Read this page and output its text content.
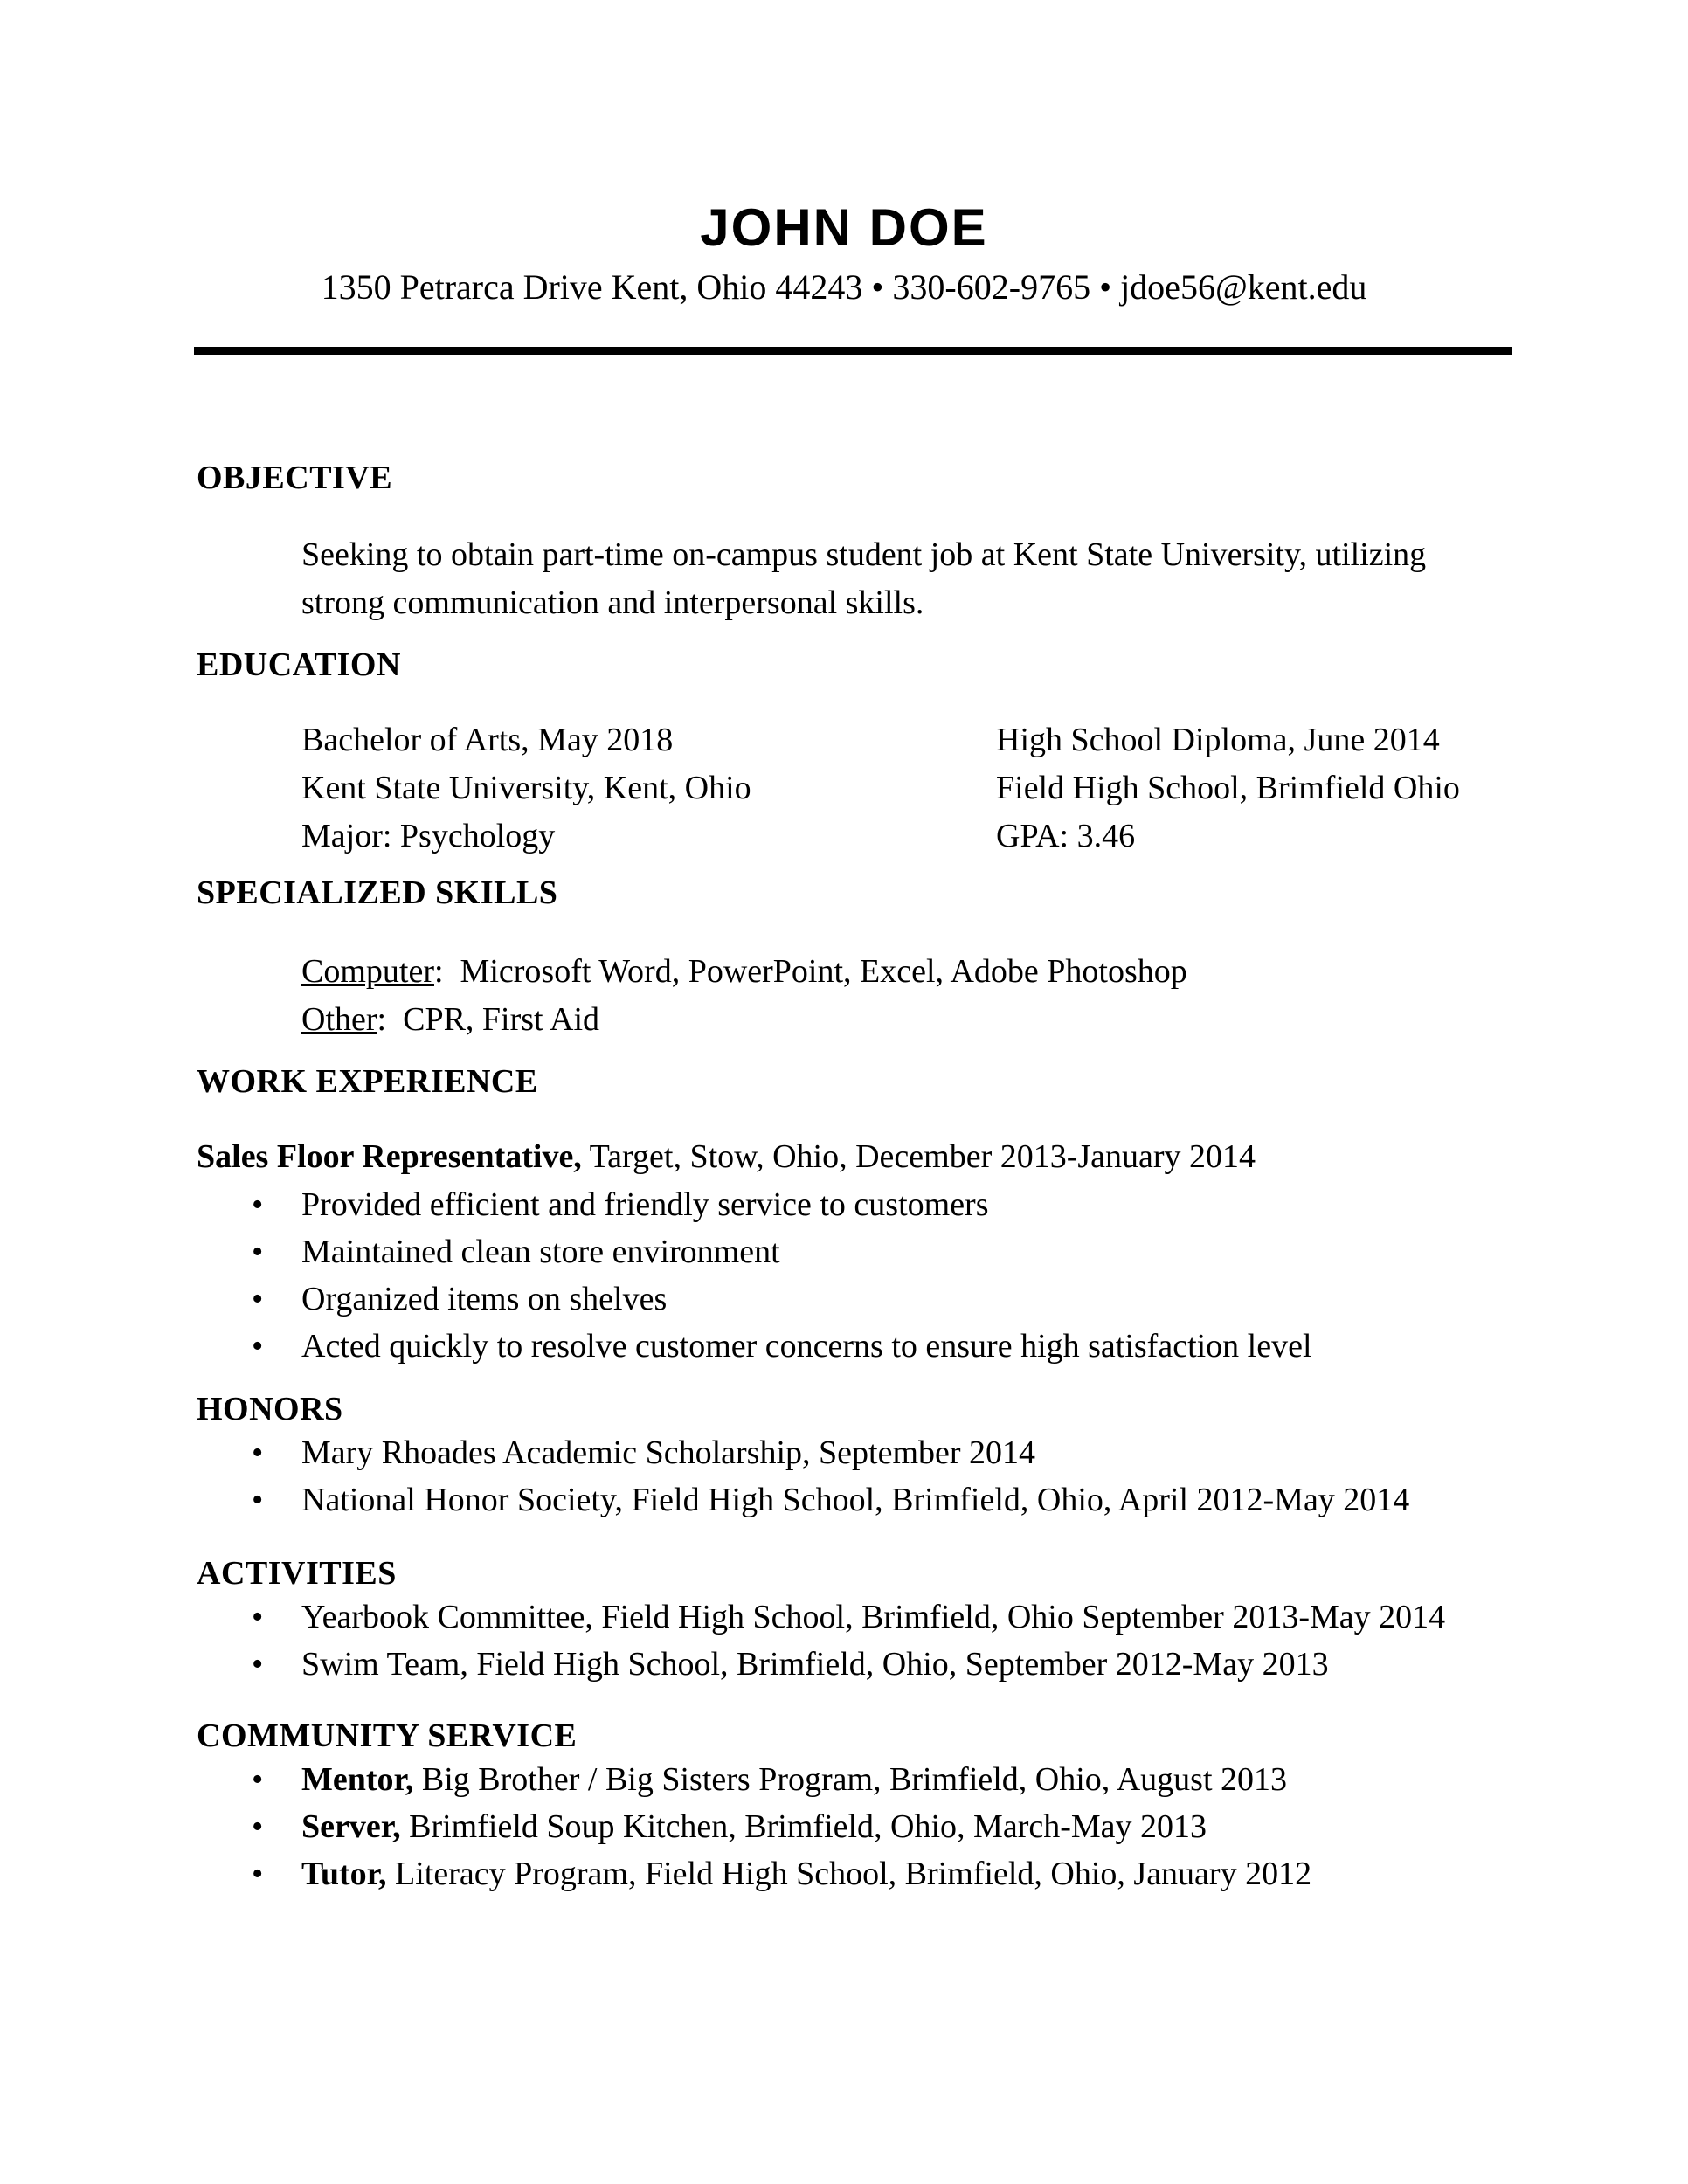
JOHN DOE
1350 Petrarca Drive Kent, Ohio 44243 • 330-602-9765 • jdoe56@kent.edu
OBJECTIVE
Seeking to obtain part-time on-campus student job at Kent State University, utilizing
strong communication and interpersonal skills.
EDUCATION
Bachelor of Arts, May 2018	High School Diploma, June 2014
Kent State University, Kent, Ohio	Field High School, Brimfield Ohio
Major: Psychology	GPA: 3.46
SPECIALIZED SKILLS
Computer:  Microsoft Word, PowerPoint, Excel, Adobe Photoshop
Other:  CPR, First Aid
WORK EXPERIENCE
Sales Floor Representative, Target, Stow, Ohio, December 2013-January 2014
• Provided efficient and friendly service to customers
• Maintained clean store environment
• Organized items on shelves
• Acted quickly to resolve customer concerns to ensure high satisfaction level
HONORS
• Mary Rhoades Academic Scholarship, September 2014
• National Honor Society, Field High School, Brimfield, Ohio, April 2012-May 2014
ACTIVITIES
• Yearbook Committee, Field High School, Brimfield, Ohio September 2013-May 2014
• Swim Team, Field High School, Brimfield, Ohio, September 2012-May 2013
COMMUNITY SERVICE
• Mentor, Big Brother / Big Sisters Program, Brimfield, Ohio, August 2013
• Server, Brimfield Soup Kitchen, Brimfield, Ohio, March-May 2013
• Tutor, Literacy Program, Field High School, Brimfield, Ohio, January 2012
